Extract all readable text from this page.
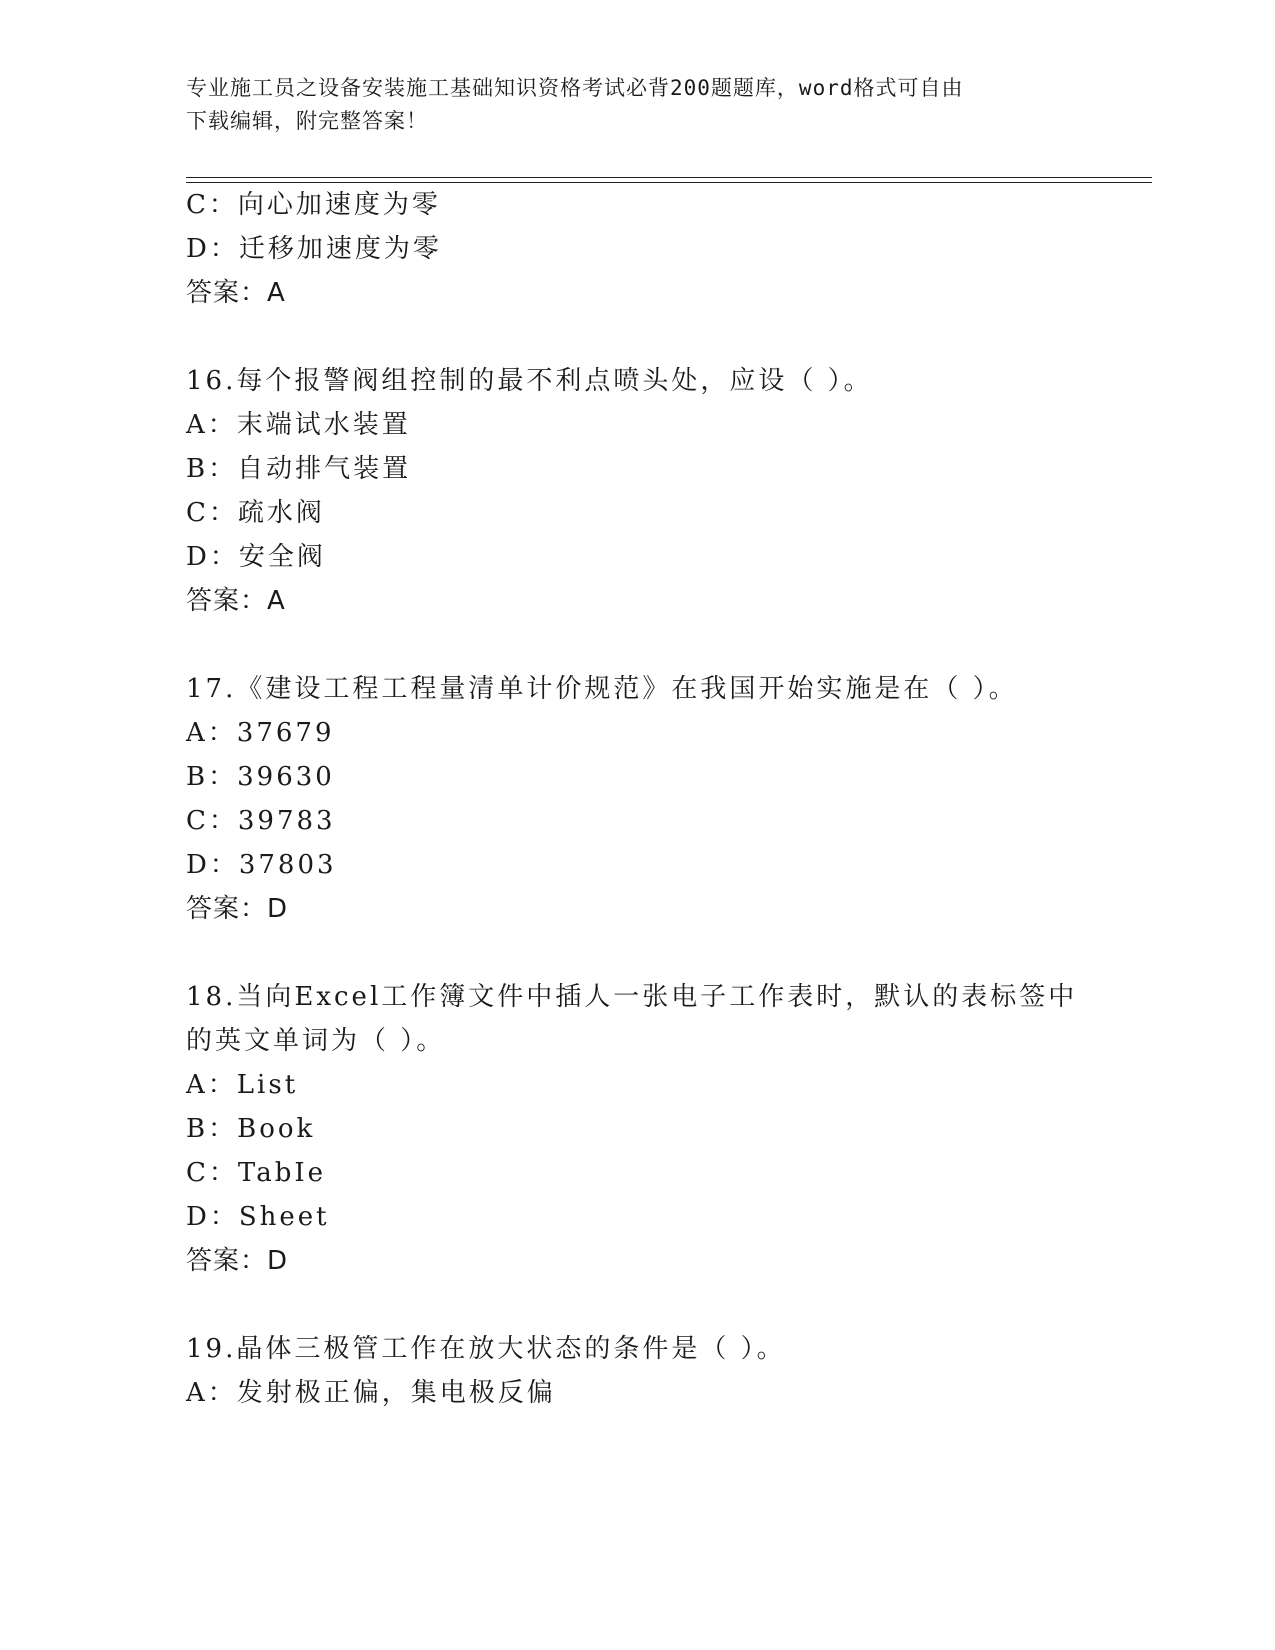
专业施工员之设备安装施工基础知识资格考试必背200题题库，word格式可自由
下载编辑，附完整答案！
C：向心加速度为零
D：迁移加速度为零
答案：A
16.每个报警阀组控制的最不利点喷头处，应设（ ）。
A：末端试水装置
B：自动排气装置
C：疏水阀
D：安全阀
答案：A
17.《建设工程工程量清单计价规范》在我国开始实施是在（ ）。
A：37679
B：39630
C：39783
D：37803
答案：D
18.当向Excel工作簿文件中插人一张电子工作表时，默认的表标签中
的英文单词为（ ）。
A：List
B：Book
C：TabIe
D：Sheet
答案：D
19.晶体三极管工作在放大状态的条件是（ ）。
A：发射极正偏，集电极反偏
